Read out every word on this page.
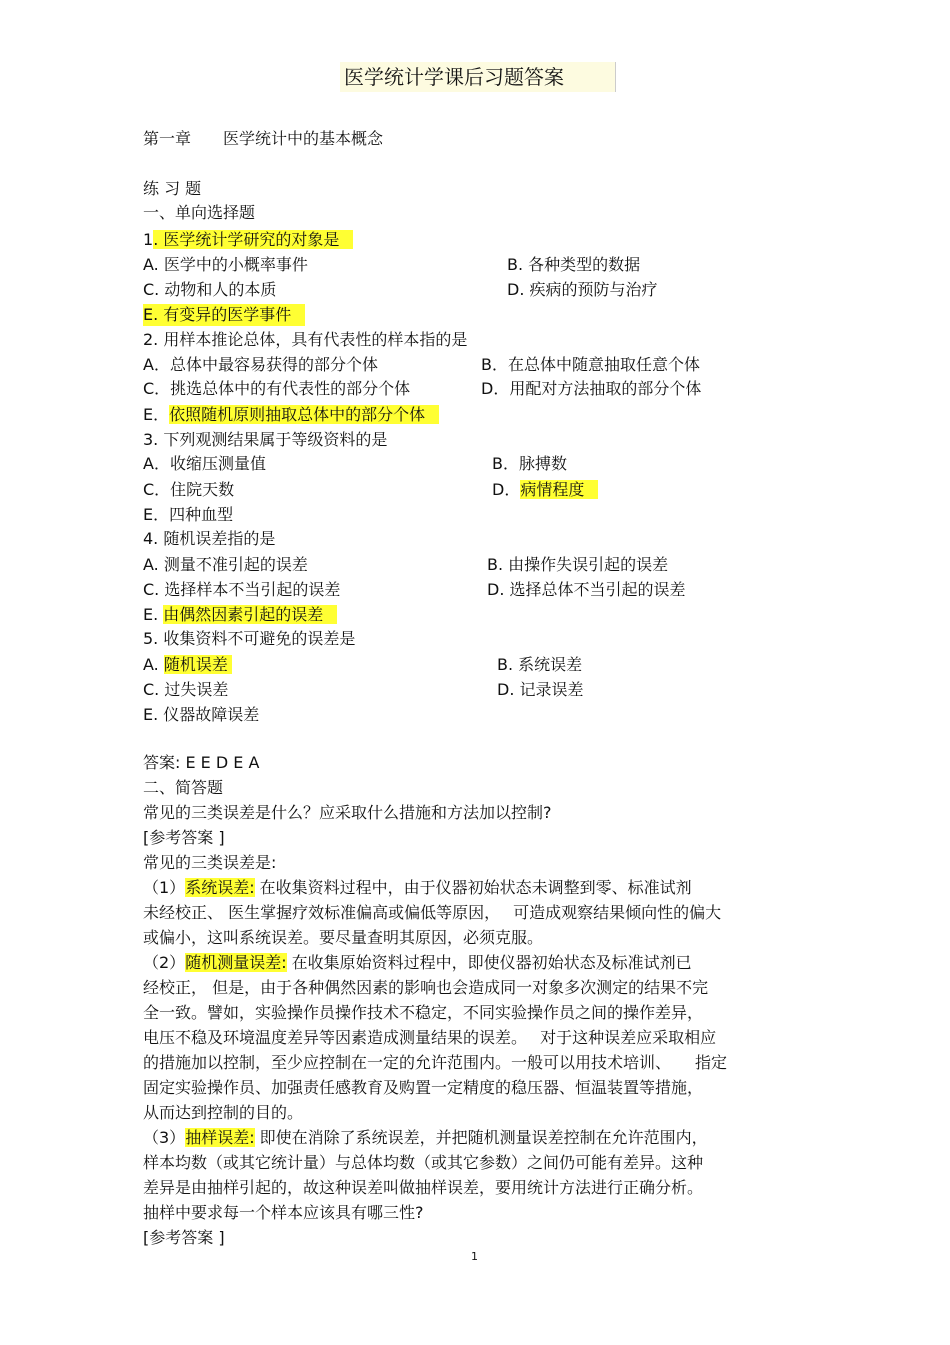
医学统计学课后习题答案
第一章　　医学统计中的基本概念
练 习 题
一、单向选择题
1. 医学统计学研究的对象是
A. 医学中的小概率事件	B. 各种类型的数据
C. 动物和人的本质	D. 疾病的预防与治疗
E. 有变异的医学事件
2. 用样本推论总体，具有代表性的样本指的是
A．总体中最容易获得的部分个体	B．在总体中随意抽取任意个体
C．挑选总体中的有代表性的部分个体	D．用配对方法抽取的部分个体
E．依照随机原则抽取总体中的部分个体
3. 下列观测结果属于等级资料的是
A．收缩压测量值	B．脉搏数
C．住院天数	D．病情程度
E．四种血型
4. 随机误差指的是
A. 测量不准引起的误差	B. 由操作失误引起的误差
C. 选择样本不当引起的误差	D. 选择总体不当引起的误差
E. 由偶然因素引起的误差
5. 收集资料不可避免的误差是
A. 随机误差	B. 系统误差
C. 过失误差	D. 记录误差
E. 仪器故障误差
答案: E E D E A
二、简答题
常见的三类误差是什么？应采取什么措施和方法加以控制?
[参考答案 ]
常见的三类误差是:
（1）系统误差: 在收集资料过程中，由于仪器初始状态未调整到零、标准试剂
未经校正、 医生掌握疗效标准偏高或偏低等原因，　 可造成观察结果倾向性的偏大
或偏小，这叫系统误差。要尽量查明其原因，必须克服。
（2）随机测量误差: 在收集原始资料过程中，即使仪器初始状态及标准试剂已
经校正， 但是，由于各种偶然因素的影响也会造成同一对象多次测定的结果不完
全一致。譬如，实验操作员操作技术不稳定，不同实验操作员之间的操作差异，
电压不稳及环境温度差异等因素造成测量结果的误差。　 对于这种误差应采取相应
的措施加以控制，至少应控制在一定的允许范围内。一般可以用技术培训、　　指定
固定实验操作员、加强责任感教育及购置一定精度的稳压器、恒温装置等措施，
从而达到控制的目的。
（3）抽样误差: 即使在消除了系统误差，并把随机测量误差控制在允许范围内，
样本均数（或其它统计量）与总体均数（或其它参数）之间仍可能有差异。这种
差异是由抽样引起的，故这种误差叫做抽样误差，要用统计方法进行正确分析。
抽样中要求每一个样本应该具有哪三性?
[参考答案 ]
1
